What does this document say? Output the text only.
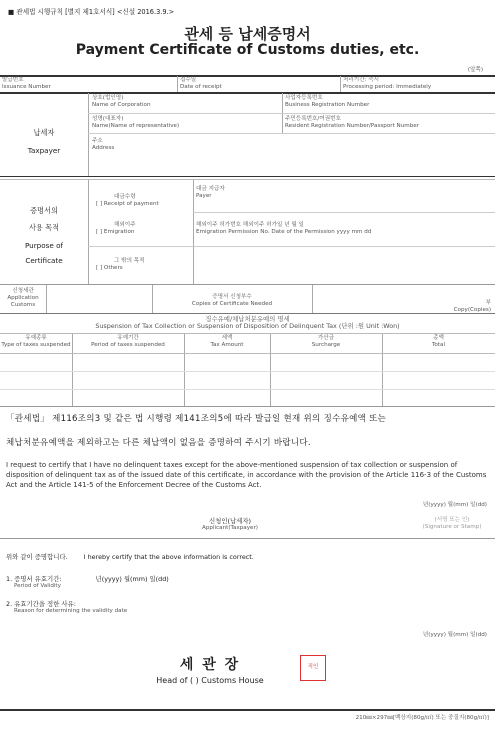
■ 관세법 시행규칙 [별지 제1호서식] <신설 2016.3.9.>
관세 등 납세증명서
Payment Certificate of Customs duties, etc.
(앞쪽)
발급번호
Issuance Number
접수일
Date of receipt
처리기간: 즉시
Processing period: Immediately
납세자
Taxpayer
상호(법인명)
Name of Corporation
사업자등록번호
Business Registration Number
성명(대표자)
Name(Name of representative)
주민등록번호/여권번호
Resident Registration Number/Passport Number
주소
Address
증명서의
사용 목적
Purpose of
Certificate
대금수령
[ ] Receipt of payment
대금 지급자
Payer
해외이주
[ ] Emigration
해외이주 허가번호 해외이주 허가일 년 월 일
Emigration Permission No. Date of the Permission yyyy mm dd
그 밖의 목적
[ ] Others
신청세관
Application
Customs
증명서 신청부수
Copies of Certificate Needed	부
Copy(Copies)
징수유예/체납처분유예의 명세
Suspension of Tax Collection or Suspension of Disposition of Delinquent Tax (단위 :원 Unit :Won)
유예종류
Type of taxes suspended
유예기간
Period of taxes suspended
세액
Tax Amount
가산금
Surcharge
총액
Total
「관세법」 제116조의3 및 같은 법 시행령 제141조의5에 따라 발급일 현재 위의 징수유예액 또는
체납처분유예액을 제외하고는 다른 체납액이 없음을 증명하여 주시기 바랍니다.
I request to certify that I have no delinquent taxes except for the above-mentioned suspension of tax collection or suspension of disposition of delinquent tax as of the issued date of this certificate, in accordance with the provision of the Article 116-3 of the Customs Act and the Article 141-5 of the Enforcement Decree of the Customs Act.
년(yyyy) 월(mm) 일(dd)
신청인(납세자)
Applicant(Taxpayer)
(서명 또는 인)
(Signature or Stamp)
위와 같이 증명합니다.	I hereby certify that the above information is correct.
1. 증명서 유효기간:	년(yyyy) 월(mm) 일(dd)
Period of Validity
2. 유효기간을 정한 사유:
Reason for determining the validity date
년(yyyy) 월(mm) 일(dd)
세 관 장
Head of ( ) Customs House
직인
210㎜×297㎜[백상지(80g/㎡) 또는 중질지(80g/㎡)]
